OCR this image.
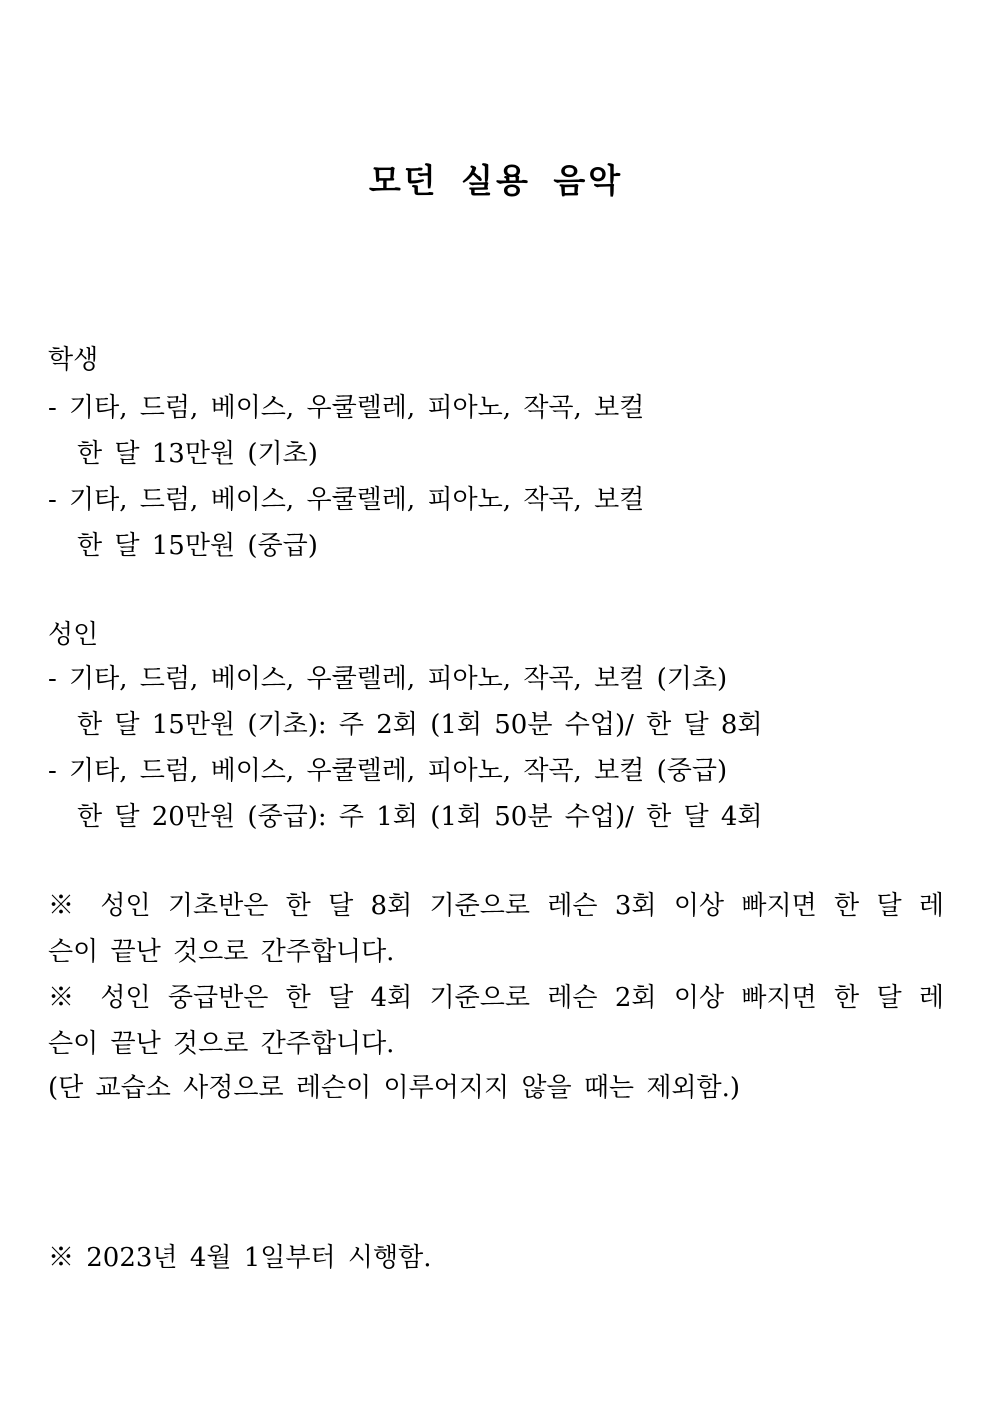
모던 실용 음악
학생
- 기타, 드럼, 베이스, 우쿨렐레, 피아노, 작곡, 보컬
한 달 13만원 (기초)
- 기타, 드럼, 베이스, 우쿨렐레, 피아노, 작곡, 보컬
한 달 15만원 (중급)
성인
- 기타, 드럼, 베이스, 우쿨렐레, 피아노, 작곡, 보컬 (기초)
한 달 15만원 (기초): 주 2회 (1회 50분 수업)/ 한 달 8회
- 기타, 드럼, 베이스, 우쿨렐레, 피아노, 작곡, 보컬 (중급)
한 달 20만원 (중급): 주 1회 (1회 50분 수업)/ 한 달 4회
※ 성인 기초반은 한 달 8회 기준으로 레슨 3회 이상 빠지면 한 달 레
슨이 끝난 것으로 간주합니다.
※ 성인 중급반은 한 달 4회 기준으로 레슨 2회 이상 빠지면 한 달 레
슨이 끝난 것으로 간주합니다.
(단 교습소 사정으로 레슨이 이루어지지 않을 때는 제외함.)
※ 2023년 4월 1일부터 시행함.
